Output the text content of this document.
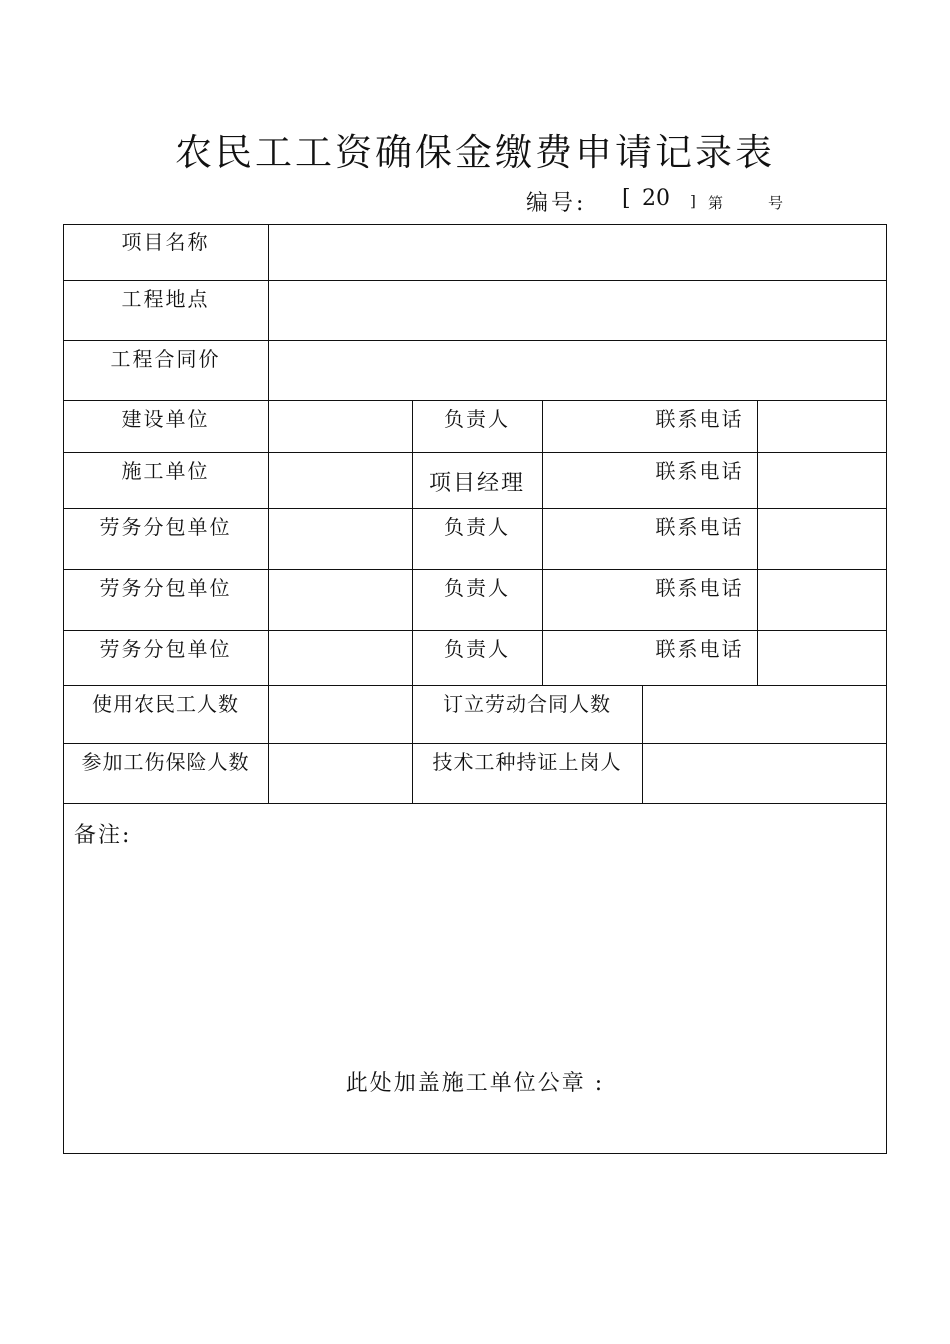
农民工工资确保金缴费申请记录表
编号: [ 20 ] 第	号
项目名称
工程地点
工程合同价
建设单位	负责人	联系电话
施工单位	项目经理	联系电话
劳务分包单位	负责人	联系电话
劳务分包单位	负责人	联系电话
劳务分包单位	负责人	联系电话
使用农民工人数	订立劳动合同人数
参加工伤保险人数	技术工种持证上岗人
备注:
此处加盖施工单位公章 :
